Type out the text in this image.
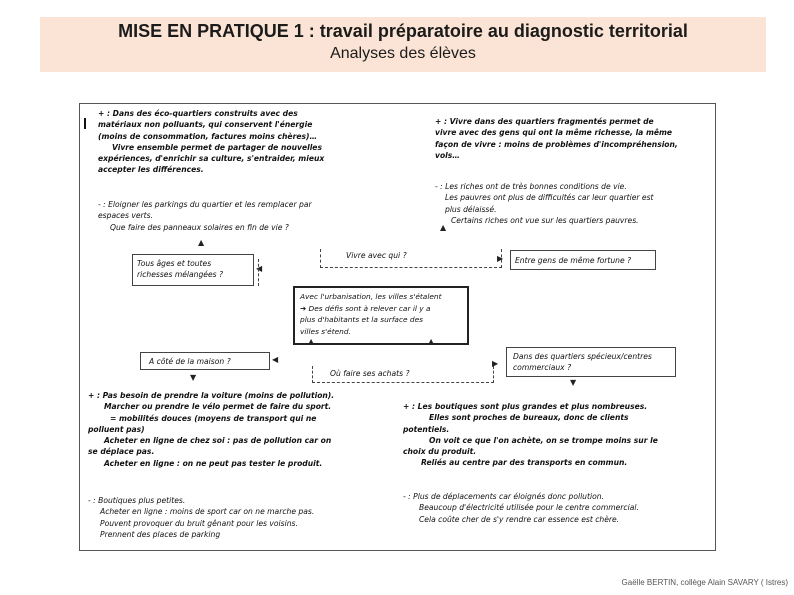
MISE EN PRATIQUE 1 : travail préparatoire au diagnostic territorial
Analyses des élèves
+ : Dans des éco-quartiers construits avec des
matériaux non polluants, qui conservent l'énergie
(moins de consommation, factures moins chères)…
Vivre ensemble permet de partager de nouvelles
expériences, d'enrichir sa culture, s'entraider, mieux
accepter les différences.
- : Eloigner les parkings du quartier et les remplacer par
espaces verts.
Que faire des panneaux solaires en fin de vie ?
+ : Vivre dans des quartiers fragmentés permet de
vivre avec des gens qui ont la même richesse, la même
façon de vivre : moins de problèmes d'incompréhension,
vols…
- : Les riches ont de très bonnes conditions de vie.
Les pauvres ont plus de difficultés car leur quartier est
plus délaissé.
Certains riches ont vue sur les quartiers pauvres.
▲
▲
Tous âges et toutes
richesses mélangées ?
◀
Vivre avec qui ?	▶ Entre gens de même fortune ?
Avec l'urbanisation, les villes s'étalent
➔ Des défis sont à relever car il y a
plus d'habitants et la surface des
villes s'étend.
A côté de la maison ?	◀
Où faire ses achats ?
▲	▲
▶
Dans des quartiers spécieux/centres
commerciaux ?
▼
▼
+ : Pas besoin de prendre la voiture (moins de pollution).
Marcher ou prendre le vélo permet de faire du sport.
= mobilités douces (moyens de transport qui ne
polluent pas)
Acheter en ligne de chez soi : pas de pollution car on
se déplace pas.
Acheter en ligne : on ne peut pas tester le produit.
- : Boutiques plus petites.
Acheter en ligne : moins de sport car on ne marche pas.
Pouvent provoquer du bruit gênant pour les voisins.
Prennent des places de parking
+ : Les boutiques sont plus grandes et plus nombreuses.
Elles sont proches de bureaux, donc de clients
potentiels.
On voit ce que l'on achète, on se trompe moins sur le
choix du produit.
Reliés au centre par des transports en commun.
- : Plus de déplacements car éloignés donc pollution.
Beaucoup d'électricité utilisée pour le centre commercial.
Cela coûte cher de s'y rendre car essence est chère.
Gaëlle BERTIN, collège Alain SAVARY ( Istres)
